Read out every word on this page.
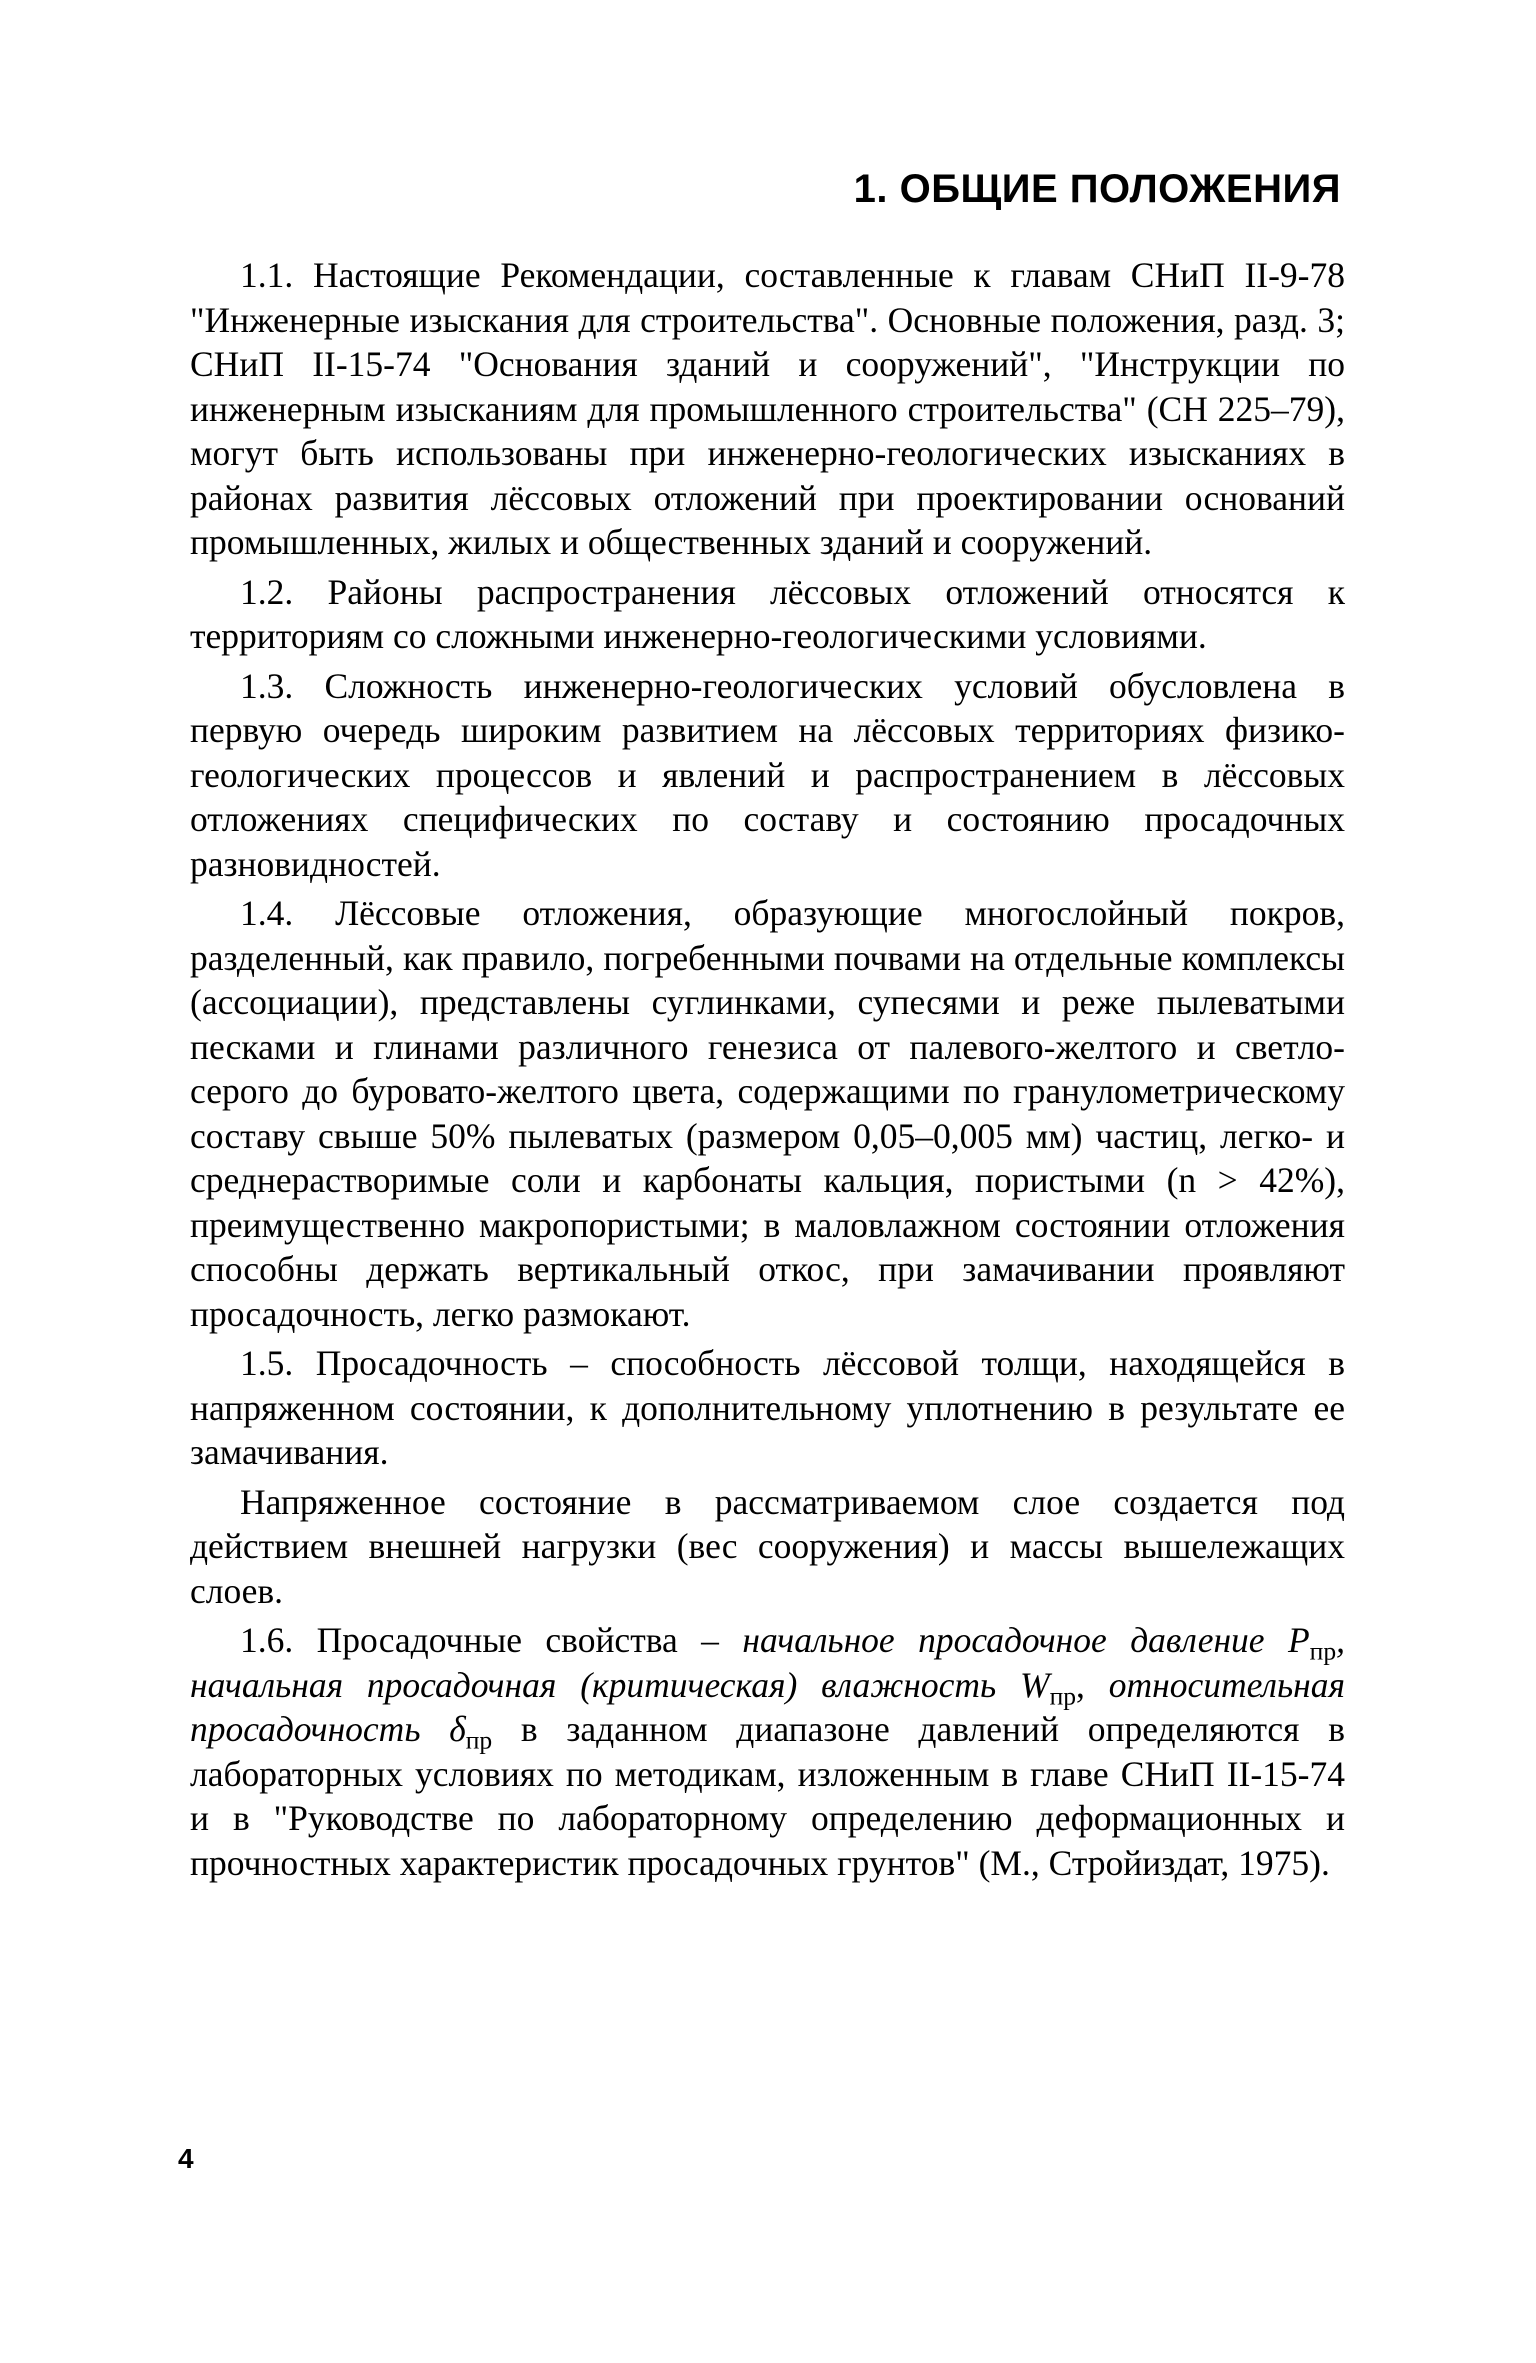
1. ОБЩИЕ ПОЛОЖЕНИЯ

1.1. Настоящие Рекомендации, составленные к главам СНиП II-9-78 "Инженерные изыскания для строительства". Основные положения, разд. 3; СНиП II-15-74 "Основания зданий и сооружений", "Инструкции по инженерным изысканиям для промышленного строительства" (СН 225–79), могут быть использованы при инженерно-геологических изысканиях в районах развития лёссовых отложений при проектировании оснований промышленных, жилых и общественных зданий и сооружений.

1.2. Районы распространения лёссовых отложений относятся к территориям со сложными инженерно-геологическими условиями.

1.3. Сложность инженерно-геологических условий обусловлена в первую очередь широким развитием на лёссовых территориях физико-геологических процессов и явлений и распространением в лёссовых отложениях специфических по составу и состоянию просадочных разновидностей.

1.4. Лёссовые отложения, образующие многослойный покров, разделенный, как правило, погребенными почвами на отдельные комплексы (ассоциации), представлены суглинками, супесями и реже пылеватыми песками и глинами различного генезиса от палевого-желтого и светло-серого до буровато-желтого цвета, содержащими по гранулометрическому составу свыше 50% пылеватых (размером 0,05–0,005 мм) частиц, легко- и среднерастворимые соли и карбонаты кальция, пористыми (n > 42%), преимущественно макропористыми; в маловлажном состоянии отложения способны держать вертикальный откос, при замачивании проявляют просадочность, легко размокают.

1.5. Просадочность – способность лёссовой толщи, находящейся в напряженном состоянии, к дополнительному уплотнению в результате ее замачивания.

Напряженное состояние в рассматриваемом слое создается под действием внешней нагрузки (вес сооружения) и массы вышележащих слоев.

1.6. Просадочные свойства – начальное просадочное давление $P_{пр}$, начальная просадочная (критическая) влажность $W_{пр}$, относительная просадочность $\delta_{пр}$ в заданном диапазоне давлений определяются в лабораторных условиях по методикам, изложенным в главе СНиП II-15-74 и в "Руководстве по лабораторному определению деформационных и прочностных характеристик просадочных грунтов" (М., Стройиздат, 1975).

4
